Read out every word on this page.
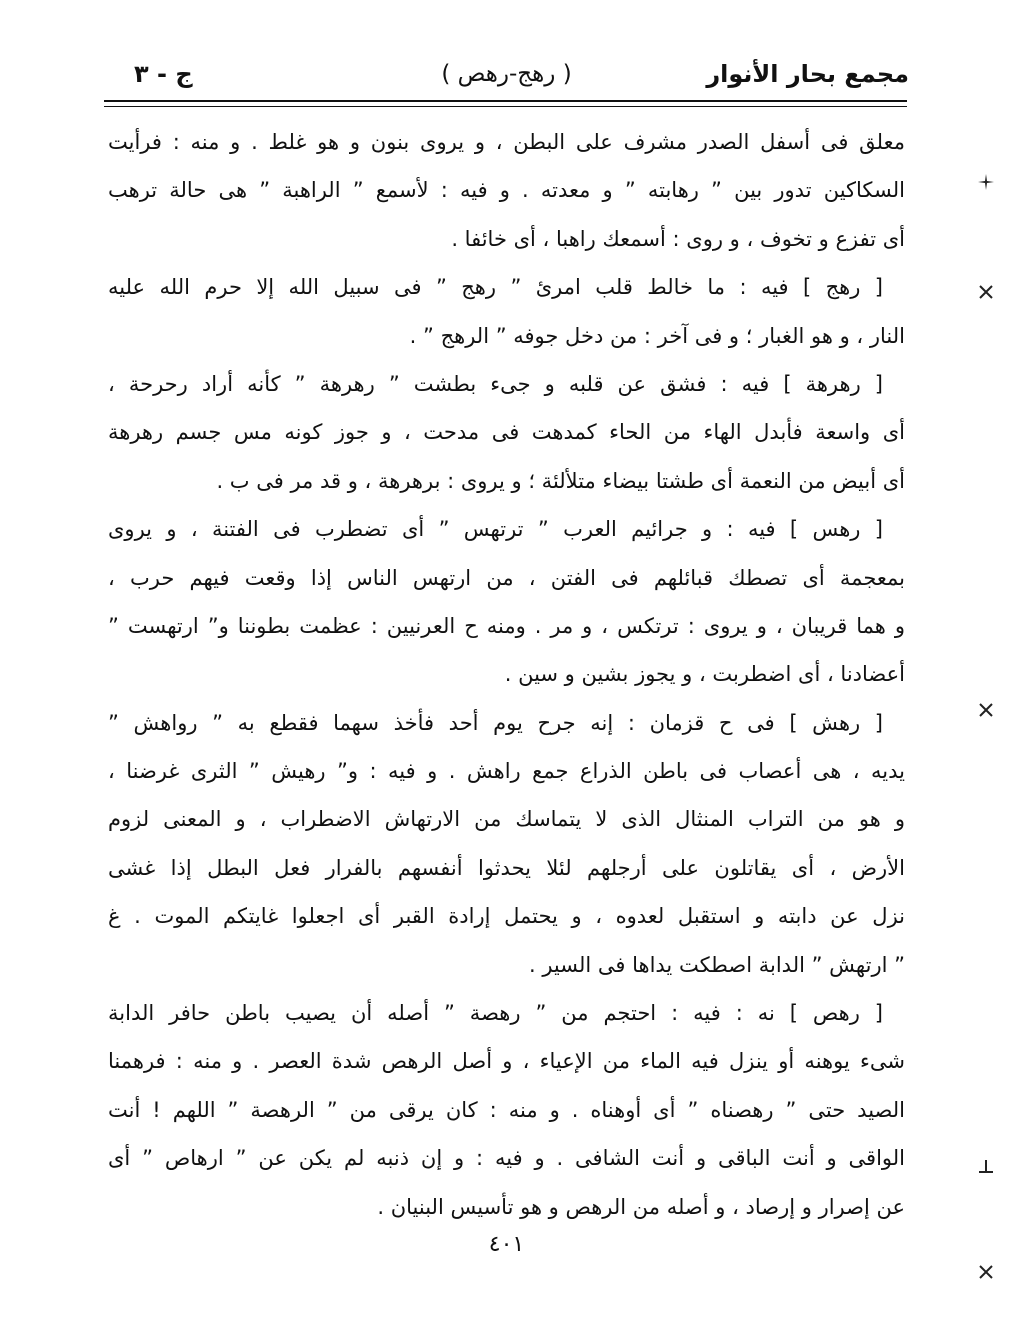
مجمع بحار الأنوار
( رهج-رهص )
ج - ٣
معلق فى أسفل الصدر مشرف على البطن ، و يروى بنون و هو غلط . و منه : فرأيت
السكاكين تدور بين ” رهابته ” و معدته . و فيه : لأسمع ” الراهبة ” هى حالة ترهب
أى تفزع و تخوف ، و روى : أسمعك راهبا ، أى خائفا .
[ رهج ] فيه : ما خالط قلب امرئ ” رهج ” فى سبيل الله إلا حرم الله عليه
النار ، و هو الغبار ؛ و فى آخر : من دخل جوفه ” الرهج ” .
[ رهرهة ] فيه : فشق عن قلبه و جىء بطشت ” رهرهة ” كأنه أراد رحرحة ،
أى واسعة فأبدل الهاء من الحاء كمدهت فى مدحت ، و جوز كونه مس جسم رهرهة
أى أبيض من النعمة أى طشتا بيضاء متلألئة ؛ و يروى : برهرهة ، و قد مر فى ب .
[ رهس ] فيه : و جرائيم العرب ” ترتهس ” أى تضطرب فى الفتنة ، و يروى
بمعجمة أى تصطك قبائلهم فى الفتن ، من ارتهس الناس إذا وقعت فيهم حرب ،
و هما قريبان ، و يروى : ترتكس ، و مر . ومنه ح العرنيين : عظمت بطوننا و” ارتهست ”
أعضادنا ، أى اضطربت ، و يجوز بشين و سين .
[ رهش ] فى ح قزمان : إنه جرح يوم أحد فأخذ سهما فقطع به ” رواهش ”
يديه ، هى أعصاب فى باطن الذراع جمع راهش . و فيه : و” رهيش ” الثرى غرضنا ،
و هو من التراب المنثال الذى لا يتماسك من الارتهاش الاضطراب ، و المعنى لزوم
الأرض ، أى يقاتلون على أرجلهم لئلا يحدثوا أنفسهم بالفرار فعل البطل إذا غشى
نزل عن دابته و استقبل لعدوه ، و يحتمل إرادة القبر أى اجعلوا غايتكم الموت . غ
” ارتهش ” الدابة اصطكت يداها فى السير .
[ رهص ] نه : فيه : احتجم من ” رهصة ” أصله أن يصيب باطن حافر الدابة
شىء يوهنه أو ينزل فيه الماء من الإعياء ، و أصل الرهص شدة العصر . و منه : فرهمنا
الصيد حتى ” رهصناه ” أى أوهناه . و منه : كان يرقى من ” الرهصة ” اللهم ! أنت
الواقى و أنت الباقى و أنت الشافى . و فيه : و إن ذنبه لم يكن عن ” ارهاص ” أى
عن إصرار و إرصاد ، و أصله من الرهص و هو تأسيس البنيان .
٤٠١
